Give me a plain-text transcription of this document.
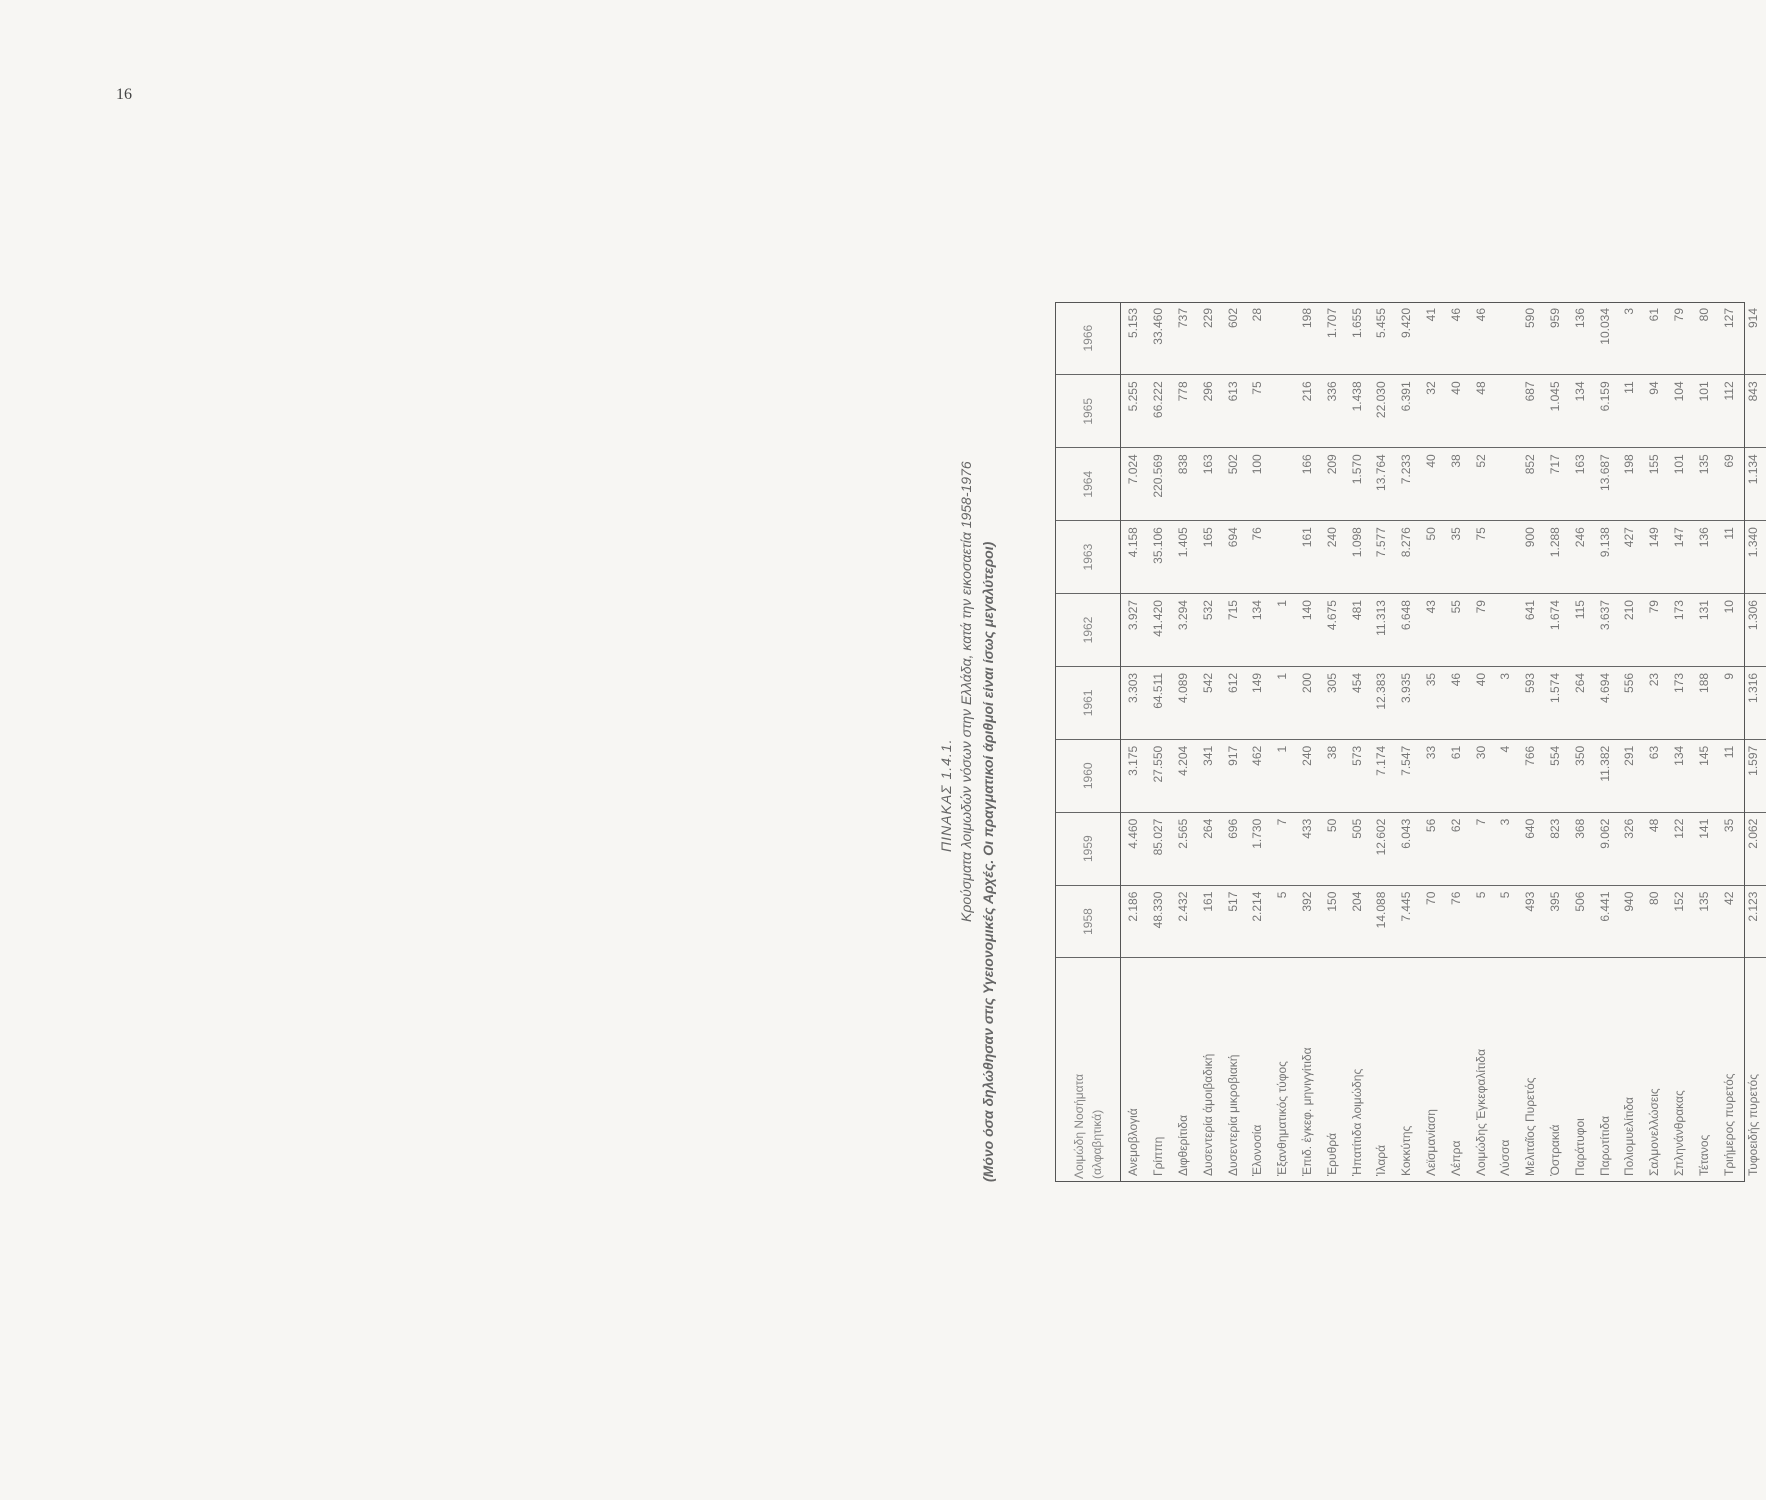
16
ΠΙΝΑΚΑΣ 1.4.1. Κρούσματα λοιμωδών νόσων στην Ελλάδα, κατά την εικοσαετία 1958-1976 (Μόνο όσα δηλώθησαν στις Υγειονομικές Αρχές. Οι πραγματικοί άριθμοί είναι ίσως μεγαλύτεροι)	Λοιμώδη Νοσήματα (αλφαβητικά)	1958	1959	1960	1961	1962	1963	1964	1965	1966
Ανεμοβλογιά	2.186	4.460	3.175	3.303	3.927	4.158	7.024	5.255	5.153
Γρίππη	48.330	85.027	27.550	64.511	41.420	35.106	220.569	66.222	33.460
Διφθερίτιδα	2.432	2.565	4.204	4.089	3.294	1.405	838	778	737
Δυσεντερία άμοιβαδική	161	264	341	542	532	165	163	296	229
Δυσεντερία μικροβιακή	517	696	917	612	715	694	502	613	602
Ἑλονοσία	2.214	1.730	462	149	134	76	100	75	28
Ἐξανθηματικός τύφος	5	7	1	1	1				
Ἐπιδ. ἐγκεφ. μηνιγγίτιδα	392	433	240	200	140	161	166	216	198
Ἐρυθρά	150	50	38	305	4.675	240	209	336	1.707
Ἡπατίτιδα λοιμώδης	204	505	573	454	481	1.098	1.570	1.438	1.655
Ἱλαρά	14.088	12.602	7.174	12.383	11.313	7.577	13.764	22.030	5.455
Κοκκύτης	7.445	6.043	7.547	3.935	6.648	8.276	7.233	6.391	9.420
Λεϊσμανίαση	70	56	33	35	43	50	40	32	41
Λέπρα	76	62	61	46	55	35	38	40	46
Λοιμώδης Ἐγκεφαλίτιδα	5	7	30	40	79	75	52	48	46
Λύσσα	5	3	4	3					
Μελιταῖος Πυρετός	493	640	766	593	641	900	852	687	590
Ὀστρακιά	395	823	554	1.574	1.674	1.288	717	1.045	959
Παράτυφοι	506	368	350	264	115	246	163	134	136
Παρωτίτιδα	6.441	9.062	11.382	4.694	3.637	9.138	13.687	6.159	10.034
Πολιομυελίτιδα	940	326	291	556	210	427	198	11	3
Σαλμονελλώσεις	80	48	63	23	79	149	155	94	61
Σπληνάνθρακας	152	122	134	173	173	147	101	104	79
Τέτανος	135	141	145	188	131	136	135	101	80
Τριήμερος πυρετός	42	35	11	9	10	11	69	112	127
Τυφοειδής πυρετός	2.123	2.062	1.597	1.316	1.306	1.340	1.134	843	914
